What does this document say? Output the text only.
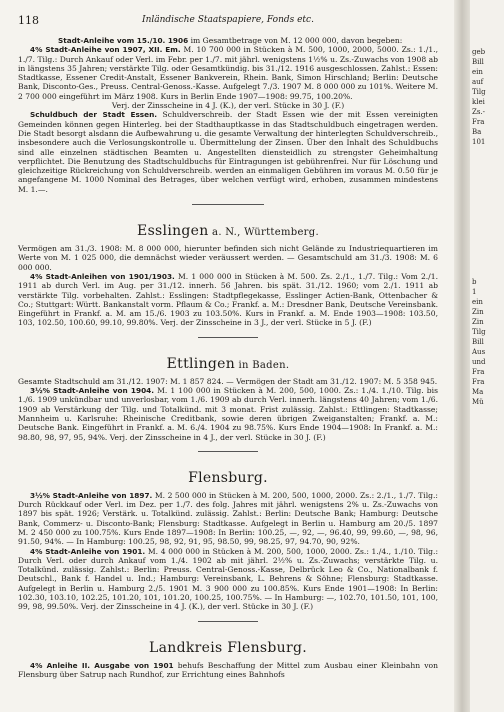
118	Inländische Staatspapiere, Fonds etc.

Stadt-Anleihe vom 15./10. 1906 im Gesamtbetrage von M. 12 000 000, davon begeben:

4% Stadt-Anleihe von 1907, XII. Em. M. 10 700 000 in Stücken à M. 500, 1000, 2000, 5000. Zs.: 1./1., 1./7. Tilg.: Durch Ankauf oder Verl. im Febr. per 1./7. mit jährl. wenigstens 1½% u. Zs.-Zuwachs von 1908 ab in längstens 35 Jahren; verstärkte Tilg. oder Gesamtkündig. bis 31./12. 1916 ausgeschlossen. Zahlst.: Essen: Stadtkasse, Essener Credit-Anstalt, Essener Bankverein, Rhein. Bank, Simon Hirschland; Berlin: Deutsche Bank, Disconto-Ges., Preuss. Central-Genoss.-Kasse. Aufgelegt 7./3. 1907 M. 8 000 000 zu 101%. Weitere M. 2 700 000 eingeführt im März 1908. Kurs in Berlin Ende 1907—1908: 99.75, 100.20%.

Verj. der Zinsscheine in 4 J. (K.), der verl. Stücke in 30 J. (F.)

Schuldbuch der Stadt Essen. Schuldverschreib. der Stadt Essen wie der mit Essen vereinigten Gemeinden können gegen Hinterleg. bei der Stadthauptkasse in das Stadtschuldbuch eingetragen werden. Die Stadt besorgt alsdann die Aufbewahrung u. die gesamte Verwaltung der hinterlegten Schuldverschreib., insbesondere auch die Verlosungskontrolle u. Übermittelung der Zinsen. Über den Inhalt des Schuldbuchs sind alle einzelnen städtischen Beamten u. Angestellten diensteidlich zu strengster Geheimhaltung verpflichtet. Die Benutzung des Stadtschuldbuchs für Eintragungen ist gebührenfrei. Nur für Löschung und gleichzeitige Rückreichung von Schuldverschreib. werden an einmaligen Gebühren im voraus M. 0.50 für je angefangene M. 1000 Nominal des Betrages, über welchen verfügt wird, erhoben, zusammen mindestens M. 1.—.

Esslingen a. N., Württemberg.

Vermögen am 31./3. 1908: M. 8 000 000, hierunter befinden sich nicht Gelände zu Industriequartieren im Werte von M. 1 025 000, die demnächst wieder veräussert werden. — Gesamtschuld am 31./3. 1908: M. 6 000 000.

4% Stadt-Anleihen von 1901/1903. M. 1 000 000 in Stücken à M. 500. Zs. 2./1., 1./7. Tilg.: Vom 2./1. 1911 ab durch Verl. im Aug. per 31./12. innerh. 56 Jahren. bis spät. 31./12. 1960; vom 2./1. 1911 ab verstärkte Tilg. vorbehalten. Zahlst.: Esslingen: Stadtpflegekasse, Esslinger Actien-Bank, Ottenbacher & Co.; Stuttgart: Württ. Bankanstalt vorm. Pflaum & Co.; Frankf. a. M.: Dresdner Bank, Deutsche Vereinsbank. Eingeführt in Frankf. a. M. am 15./6. 1903 zu 103.50%. Kurs in Frankf. a. M. Ende 1903—1908: 103.50, 103, 102.50, 100.60, 99.10, 99.80%. Verj. der Zinsscheine in 3 J., der verl. Stücke in 5 J. (F.)

Ettlingen in Baden.

Gesamte Stadtschuld am 31./12. 1907: M. 1 857 824. — Vermögen der Stadt am 31./12. 1907: M. 5 358 945.

3½% Stadt-Anleihe von 1904. M. 1 100 000 in Stücken à M. 200, 500, 1000. Zs.: 1./4. 1./10. Tilg. bis 1./6. 1909 unkündbar und unverlosbar, vom 1./6. 1909 ab durch Verl. innerh. längstens 40 Jahren; vom 1./6. 1909 ab Verstärkung der Tilg. und Totalkünd. mit 3 monat. Frist zulässig. Zahlst.: Ettlingen: Stadtkasse; Mannheim u. Karlsruhe: Rheinische Creditbank, sowie deren übrigen Zweiganstalten; Frankf. a. M.: Deutsche Bank. Eingeführt in Frankf. a. M. 6./4. 1904 zu 98.75%. Kurs Ende 1904—1908: In Frankf. a. M.: 98.80, 98, 97, 95, 94%. Verj. der Zinsscheine in 4 J., der verl. Stücke in 30 J. (F.)

Flensburg.

3½% Stadt-Anleihe von 1897. M. 2 500 000 in Stücken à M. 200, 500, 1000, 2000. Zs.: 2./1., 1./7. Tilg.: Durch Rückkauf oder Verl. im Dez. per 1./7. des folg. Jahres mit jährl. wenigstens 2% u. Zs.-Zuwachs von 1897 bis spät. 1926; Verstärk. u. Totalkünd. zulässig. Zahlst.: Berlin: Deutsche Bank; Hamburg: Deutsche Bank, Commerz- u. Disconto-Bank; Flensburg: Stadtkasse. Aufgelegt in Berlin u. Hamburg am 20./5. 1897 M. 2 450 000 zu 100.75%. Kurs Ende 1897—1908: In Berlin: 100.25, —, 92, —, 96.40, 99, 99.60, —, 98, 96, 91.50, 94%. — In Hamburg: 100.25, 98, 92, 91, 95, 98.50, 99, 98.25, 97, 94.70, 90, 92%.

4% Stadt-Anleihe von 1901. M. 4 000 000 in Stücken à M. 200, 500, 1000, 2000. Zs.: 1./4., 1./10. Tilg.: Durch Verl. oder durch Ankauf vom 1./4. 1902 ab mit jährl. 2½% u. Zs.-Zuwachs; verstärkte Tilg. u. Totalkünd. zulässig. Zahlst.: Berlin: Preuss. Central-Genoss.-Kasse, Delbrück Leo & Co., Nationalbank f. Deutschl., Bank f. Handel u. Ind.; Hamburg: Vereinsbank, L. Behrens & Söhne; Flensburg: Stadtkasse. Aufgelegt in Berlin u. Hamburg 2./5. 1901 M. 3 900 000 zu 100.85%. Kurs Ende 1901—1908: In Berlin: 102.30, 103.10, 102.25, 101.20, 101, 101.20, 100.25, 100.75%. — In Hamburg: —, 102.70, 101.50, 101, 100, 99, 98, 99.50%. Verj. der Zinsscheine in 4 J. (K.), der verl. Stücke in 30 J. (F.)

Landkreis Flensburg.

4% Anleihe II. Ausgabe von 1901 behufs Beschaffung der Mittel zum Ausbau einer Kleinbahn von Flensburg über Satrup nach Rundhof, zur Errichtung eines Bahnhofs

geb
Bill
ein
auf
Tilg
klei
Zs.-
Fra
Ba
101
b
1
ein
Zin
Zin
Tilg
Bill
Aus
und
Fra
Fra
Ma
Mü
